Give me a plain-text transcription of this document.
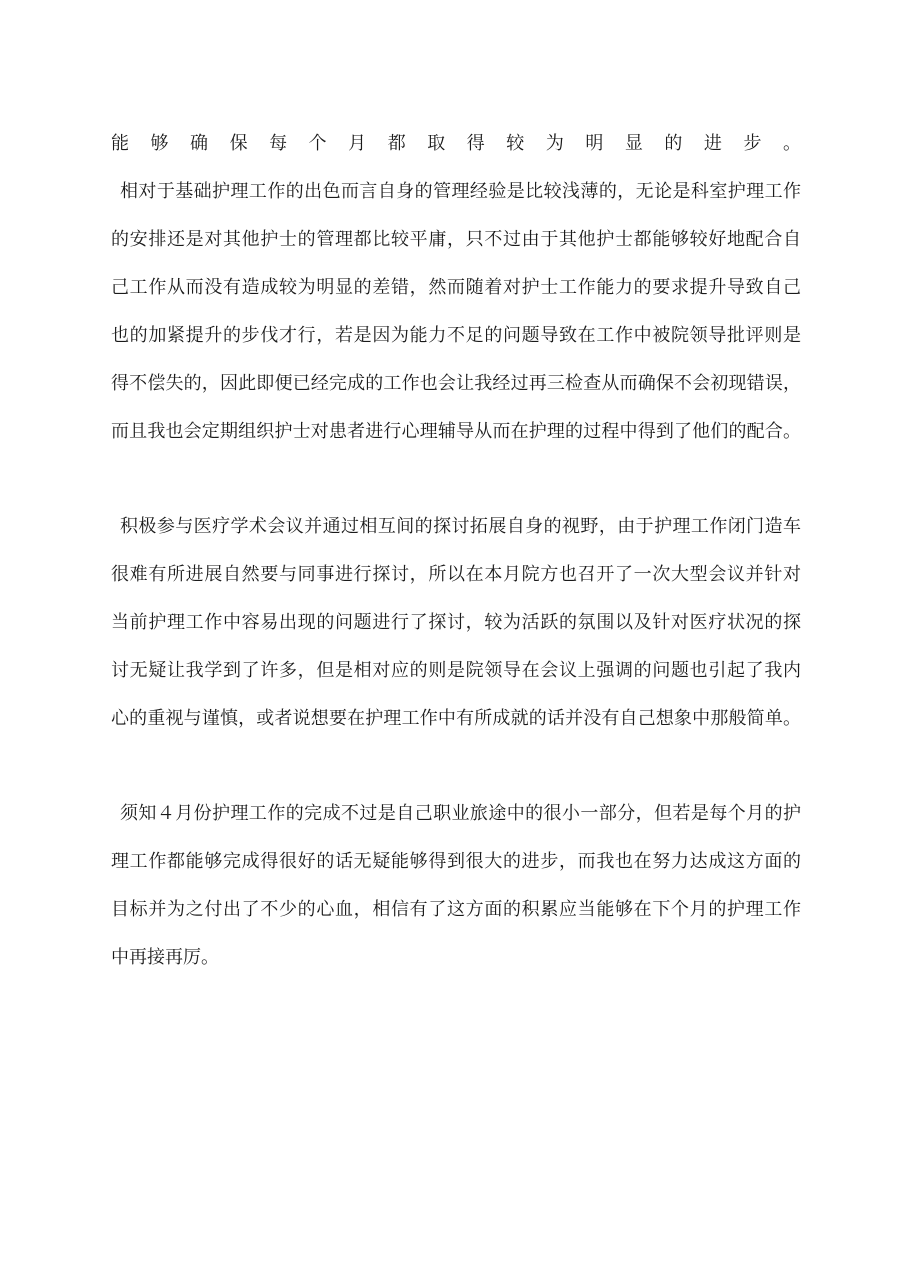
能 够 确 保 每 个 月 都 取 得 较 为 明 显 的 进 步 。
相对于基础护理工作的出色而言自身的管理经验是比较浅薄的，无论是科室护理工作
的安排还是对其他护士的管理都比较平庸，只不过由于其他护士都能够较好地配合自
己工作从而没有造成较为明显的差错，然而随着对护士工作能力的要求提升导致自己
也的加紧提升的步伐才行，若是因为能力不足的问题导致在工作中被院领导批评则是
得不偿失的，因此即便已经完成的工作也会让我经过再三检查从而确保不会初现错误，
而且我也会定期组织护士对患者进行心理辅导从而在护理的过程中得到了他们的配合。
积极参与医疗学术会议并通过相互间的探讨拓展自身的视野，由于护理工作闭门造车
很难有所进展自然要与同事进行探讨，所以在本月院方也召开了一次大型会议并针对
当前护理工作中容易出现的问题进行了探讨，较为活跃的氛围以及针对医疗状况的探
讨无疑让我学到了许多，但是相对应的则是院领导在会议上强调的问题也引起了我内
心的重视与谨慎，或者说想要在护理工作中有所成就的话并没有自己想象中那般简单。
须知４月份护理工作的完成不过是自己职业旅途中的很小一部分，但若是每个月的护
理工作都能够完成得很好的话无疑能够得到很大的进步，而我也在努力达成这方面的
目标并为之付出了不少的心血，相信有了这方面的积累应当能够在下个月的护理工作
中再接再厉。
